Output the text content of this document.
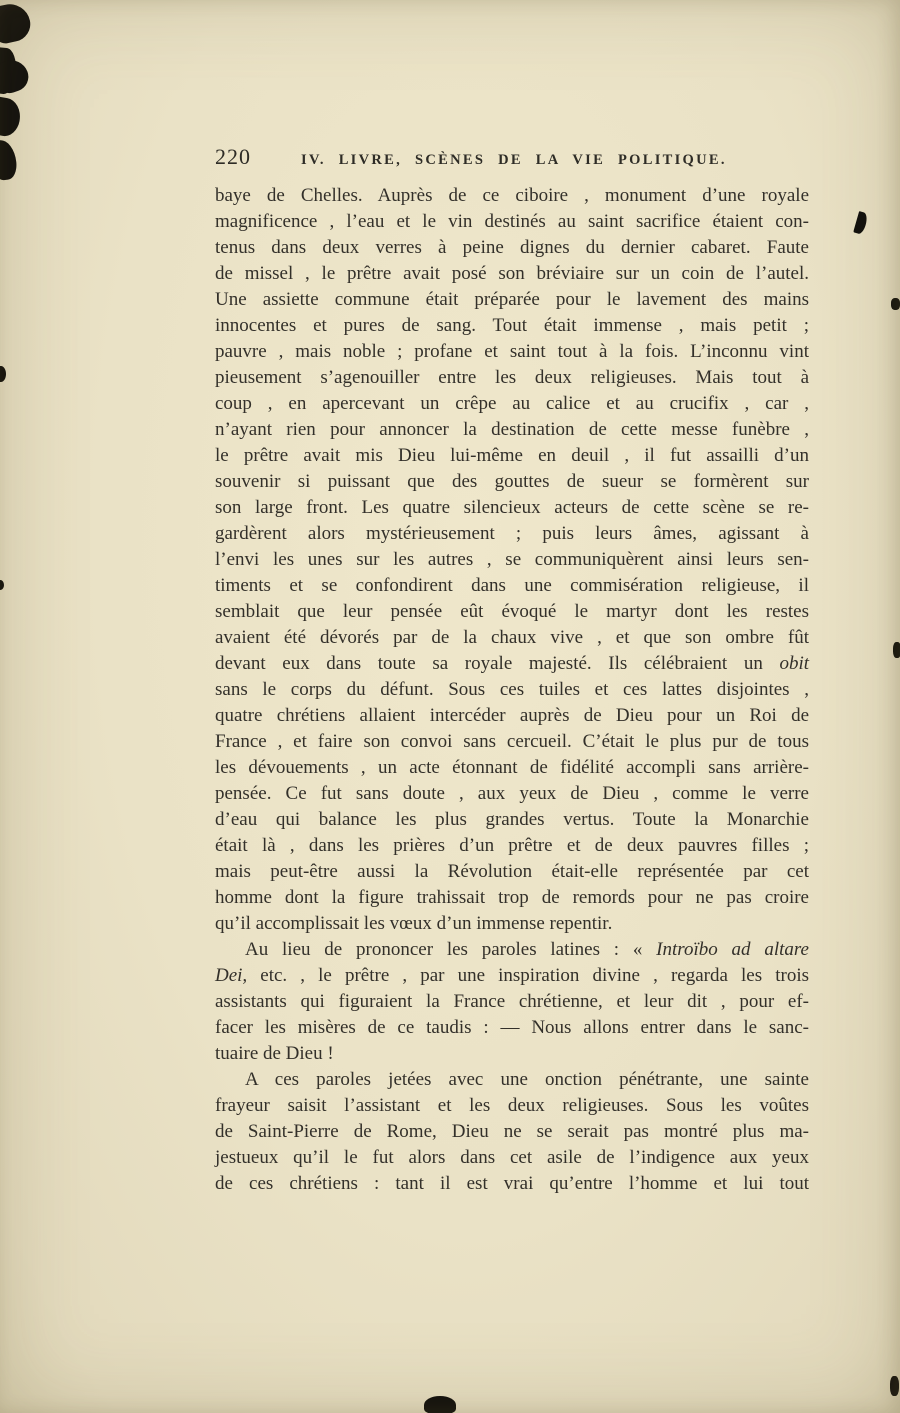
220	IV. LIVRE, SCÈNES DE LA VIE POLITIQUE.
baye de Chelles. Auprès de ce ciboire , monument d’une royale
magnificence , l’eau et le vin destinés au saint sacrifice étaient con-
tenus dans deux verres à peine dignes du dernier cabaret. Faute
de missel , le prêtre avait posé son bréviaire sur un coin de l’autel.
Une assiette commune était préparée pour le lavement des mains
innocentes et pures de sang. Tout était immense , mais petit ;
pauvre , mais noble ; profane et saint tout à la fois. L’inconnu vint
pieusement s’agenouiller entre les deux religieuses. Mais tout à
coup , en apercevant un crêpe au calice et au crucifix , car ,
n’ayant rien pour annoncer la destination de cette messe funèbre ,
le prêtre avait mis Dieu lui-même en deuil , il fut assailli d’un
souvenir si puissant que des gouttes de sueur se formèrent sur
son large front. Les quatre silencieux acteurs de cette scène se re-
gardèrent alors mystérieusement ; puis leurs âmes, agissant à
l’envi les unes sur les autres , se communiquèrent ainsi leurs sen-
timents et se confondirent dans une commisération religieuse, il
semblait que leur pensée eût évoqué le martyr dont les restes
avaient été dévorés par de la chaux vive , et que son ombre fût
devant eux dans toute sa royale majesté. Ils célébraient un obit
sans le corps du défunt. Sous ces tuiles et ces lattes disjointes ,
quatre chrétiens allaient intercéder auprès de Dieu pour un Roi de
France , et faire son convoi sans cercueil. C’était le plus pur de tous
les dévouements , un acte étonnant de fidélité accompli sans arrière-
pensée. Ce fut sans doute , aux yeux de Dieu , comme le verre
d’eau qui balance les plus grandes vertus. Toute la Monarchie
était là , dans les prières d’un prêtre et de deux pauvres filles ;
mais peut-être aussi la Révolution était-elle représentée par cet
homme dont la figure trahissait trop de remords pour ne pas croire
qu’il accomplissait les vœux d’un immense repentir.
Au lieu de prononcer les paroles latines : « Introïbo ad altare
Dei, etc. , le prêtre , par une inspiration divine , regarda les trois
assistants qui figuraient la France chrétienne, et leur dit , pour ef-
facer les misères de ce taudis : — Nous allons entrer dans le sanc-
tuaire de Dieu !
A ces paroles jetées avec une onction pénétrante, une sainte
frayeur saisit l’assistant et les deux religieuses. Sous les voûtes
de Saint-Pierre de Rome, Dieu ne se serait pas montré plus ma-
jestueux qu’il le fut alors dans cet asile de l’indigence aux yeux
de ces chrétiens : tant il est vrai qu’entre l’homme et lui tout
